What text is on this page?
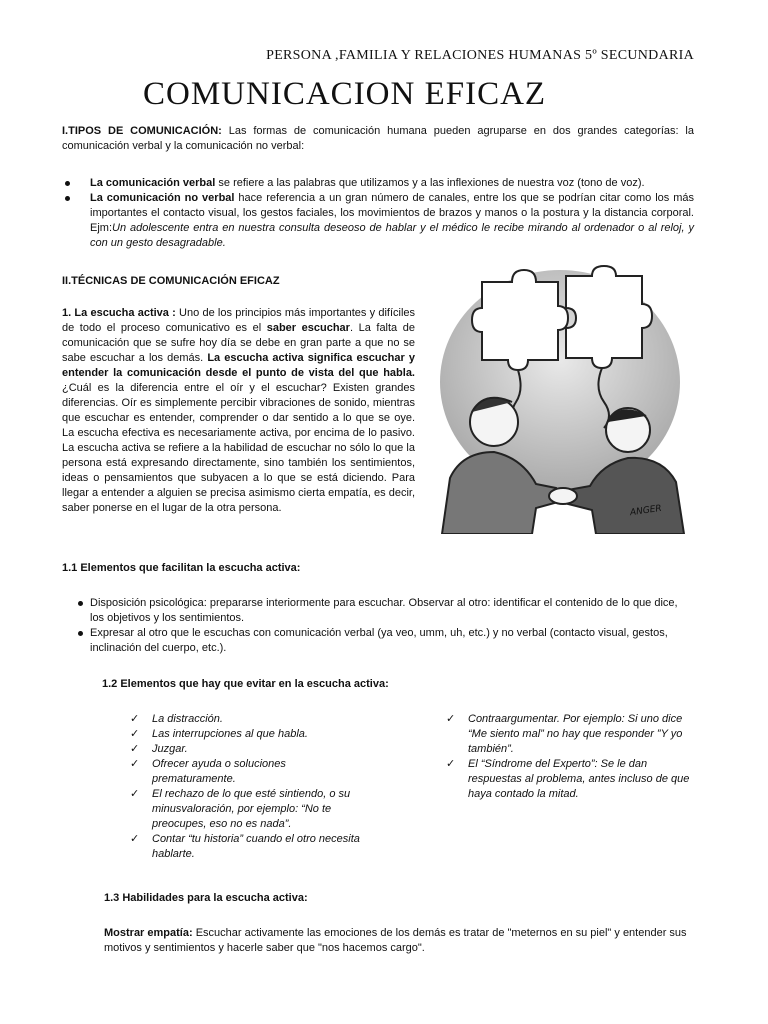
PERSONA ,FAMILIA Y RELACIONES HUMANAS 5º SECUNDARIA
COMUNICACION EFICAZ

I.TIPOS DE COMUNICACIÓN: Las formas de comunicación humana pueden agruparse en dos grandes categorías: la comunicación verbal y la comunicación no verbal:

La comunicación verbal se refiere a las palabras que utilizamos y a las inflexiones de nuestra voz (tono de voz).
La comunicación no verbal hace referencia a un gran número de canales, entre los que se podrían citar como los más importantes el contacto visual, los gestos faciales, los movimientos de brazos y manos o la postura y la distancia corporal. Ejm:Un adolescente entra en nuestra consulta deseoso de hablar y el médico le recibe mirando al ordenador o al reloj, y con un gesto desagradable.
II.TÉCNICAS DE COMUNICACIÓN EFICAZ

1. La escucha activa : Uno de los principios más importantes y difíciles de todo el proceso comunicativo es el saber escuchar. La falta de comunicación que se sufre hoy día se debe en gran parte a que no se sabe escuchar a los demás. La escucha activa significa escuchar y entender la comunicación desde el punto de vista del que habla. ¿Cuál es la diferencia entre el oír y el escuchar? Existen grandes diferencias. Oír es simplemente percibir vibraciones de sonido, mientras que escuchar es entender, comprender o dar sentido a lo que se oye. La escucha efectiva es necesariamente activa, por encima de lo pasivo. La escucha activa se refiere a la habilidad de escuchar no sólo lo que la persona está expresando directamente, sino también los sentimientos, ideas o pensamientos que subyacen a lo que se está diciendo. Para llegar a entender a alguien se precisa asimismo cierta empatía, es decir, saber ponerse en el lugar de la otra persona.	ANGER
1.1 Elementos que facilitan la escucha activa:
Disposición psicológica: prepararse interiormente para escuchar. Observar al otro: identificar el contenido de lo que dice, los objetivos y los sentimientos.
Expresar al otro que le escuchas con comunicación verbal (ya veo, umm, uh, etc.) y no verbal (contacto visual, gestos, inclinación del cuerpo, etc.).
1.2 Elementos que hay que evitar en la escucha activa:
✓ La distracción.
✓ Las interrupciones al que habla.
✓ Juzgar.
✓ Ofrecer ayuda o soluciones prematuramente.
✓ El rechazo de lo que esté sintiendo, o su minusvaloración, por ejemplo: “No te preocupes, eso no es nada”.
✓ Contar “tu historia” cuando el otro necesita hablarte.
✓ Contraargumentar. Por ejemplo: Si uno dice “Me siento mal” no hay que responder ”Y yo también”.
✓ El “Síndrome del Experto”: Se le dan respuestas al problema, antes incluso de que haya contado la mitad.
1.3 Habilidades para la escucha activa:

Mostrar empatía: Escuchar activamente las emociones de los demás es tratar de "meternos en su piel" y entender sus motivos y sentimientos y hacerle saber que "nos hacemos cargo".
